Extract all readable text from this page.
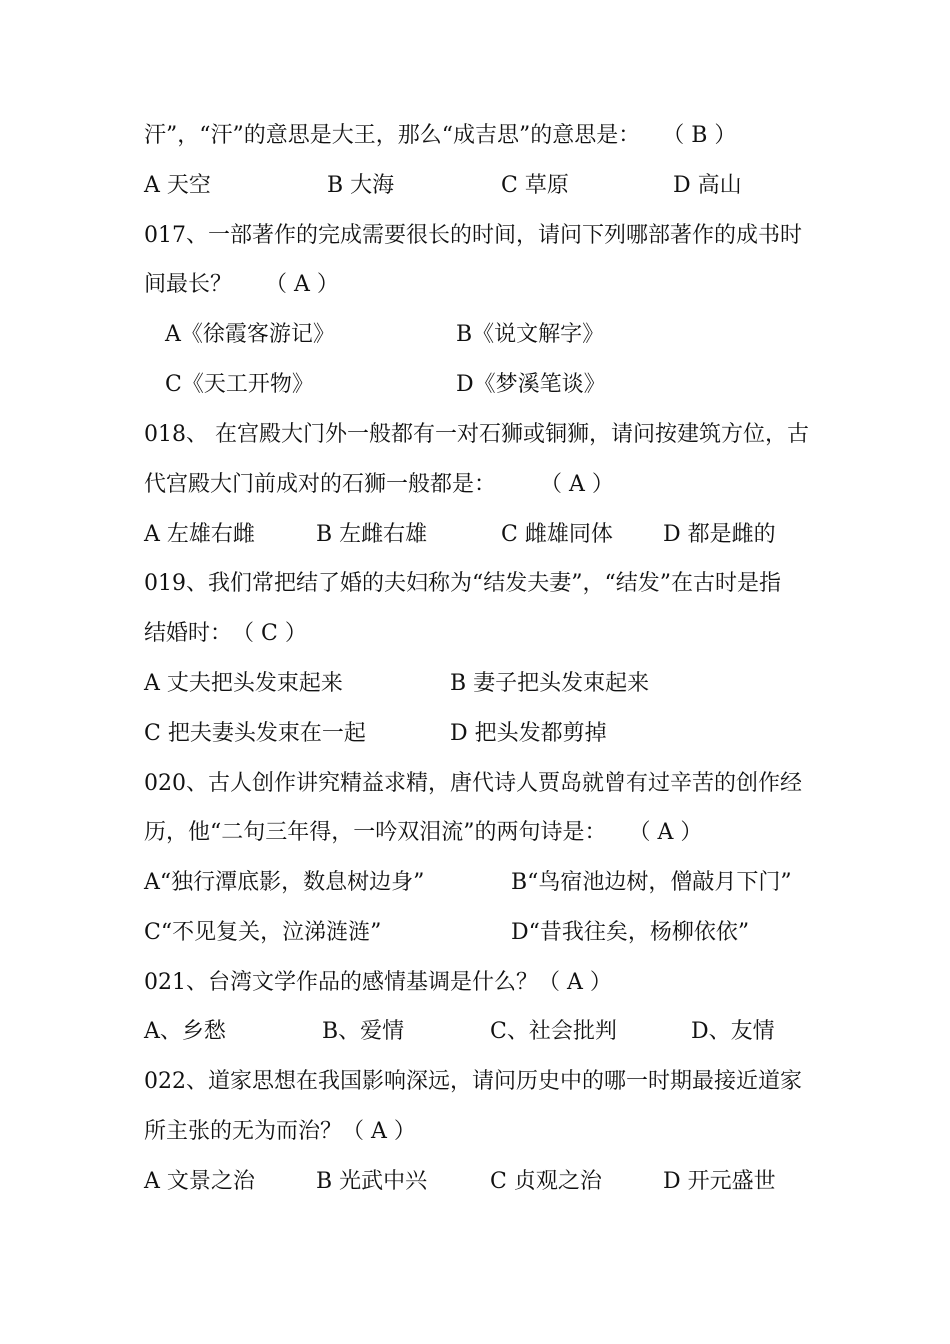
汗”，“汗”的意思是大王，那么“成吉思”的意思是：　　（ B ）
A 天空	B 大海	C 草原	D 高山
017、一部著作的完成需要很长的时间，请问下列哪部著作的成书时
间最长？　　（ A ）
A《徐霞客游记》	B《说文解字》
C《天工开物》	D《梦溪笔谈》
018、 在宫殿大门外一般都有一对石狮或铜狮，请问按建筑方位，古
代宫殿大门前成对的石狮一般都是：　　　（ A ）
A 左雄右雌	B 左雌右雄	C 雌雄同体 D 都是雌的
019、我们常把结了婚的夫妇称为“结发夫妻”，“结发”在古时是指
结婚时：　（ C ）
A 丈夫把头发束起来	B 妻子把头发束起来
C 把夫妻头发束在一起	D 把头发都剪掉
020、古人创作讲究精益求精，唐代诗人贾岛就曾有过辛苦的创作经
历，他“二句三年得，一吟双泪流”的两句诗是：　　（ A ）
A“独行潭底影，数息树边身”	B“鸟宿池边树，僧敲月下门”
C“不见复关，泣涕涟涟”	D“昔我往矣，杨柳依依”
021、台湾文学作品的感情基调是什么？（ A ）
A、乡愁	B、爱情	C、社会批判	D、友情
022、道家思想在我国影响深远，请问历史中的哪一时期最接近道家
所主张的无为而治？（ A ）
A 文景之治	B 光武中兴	C 贞观之治	D 开元盛世
